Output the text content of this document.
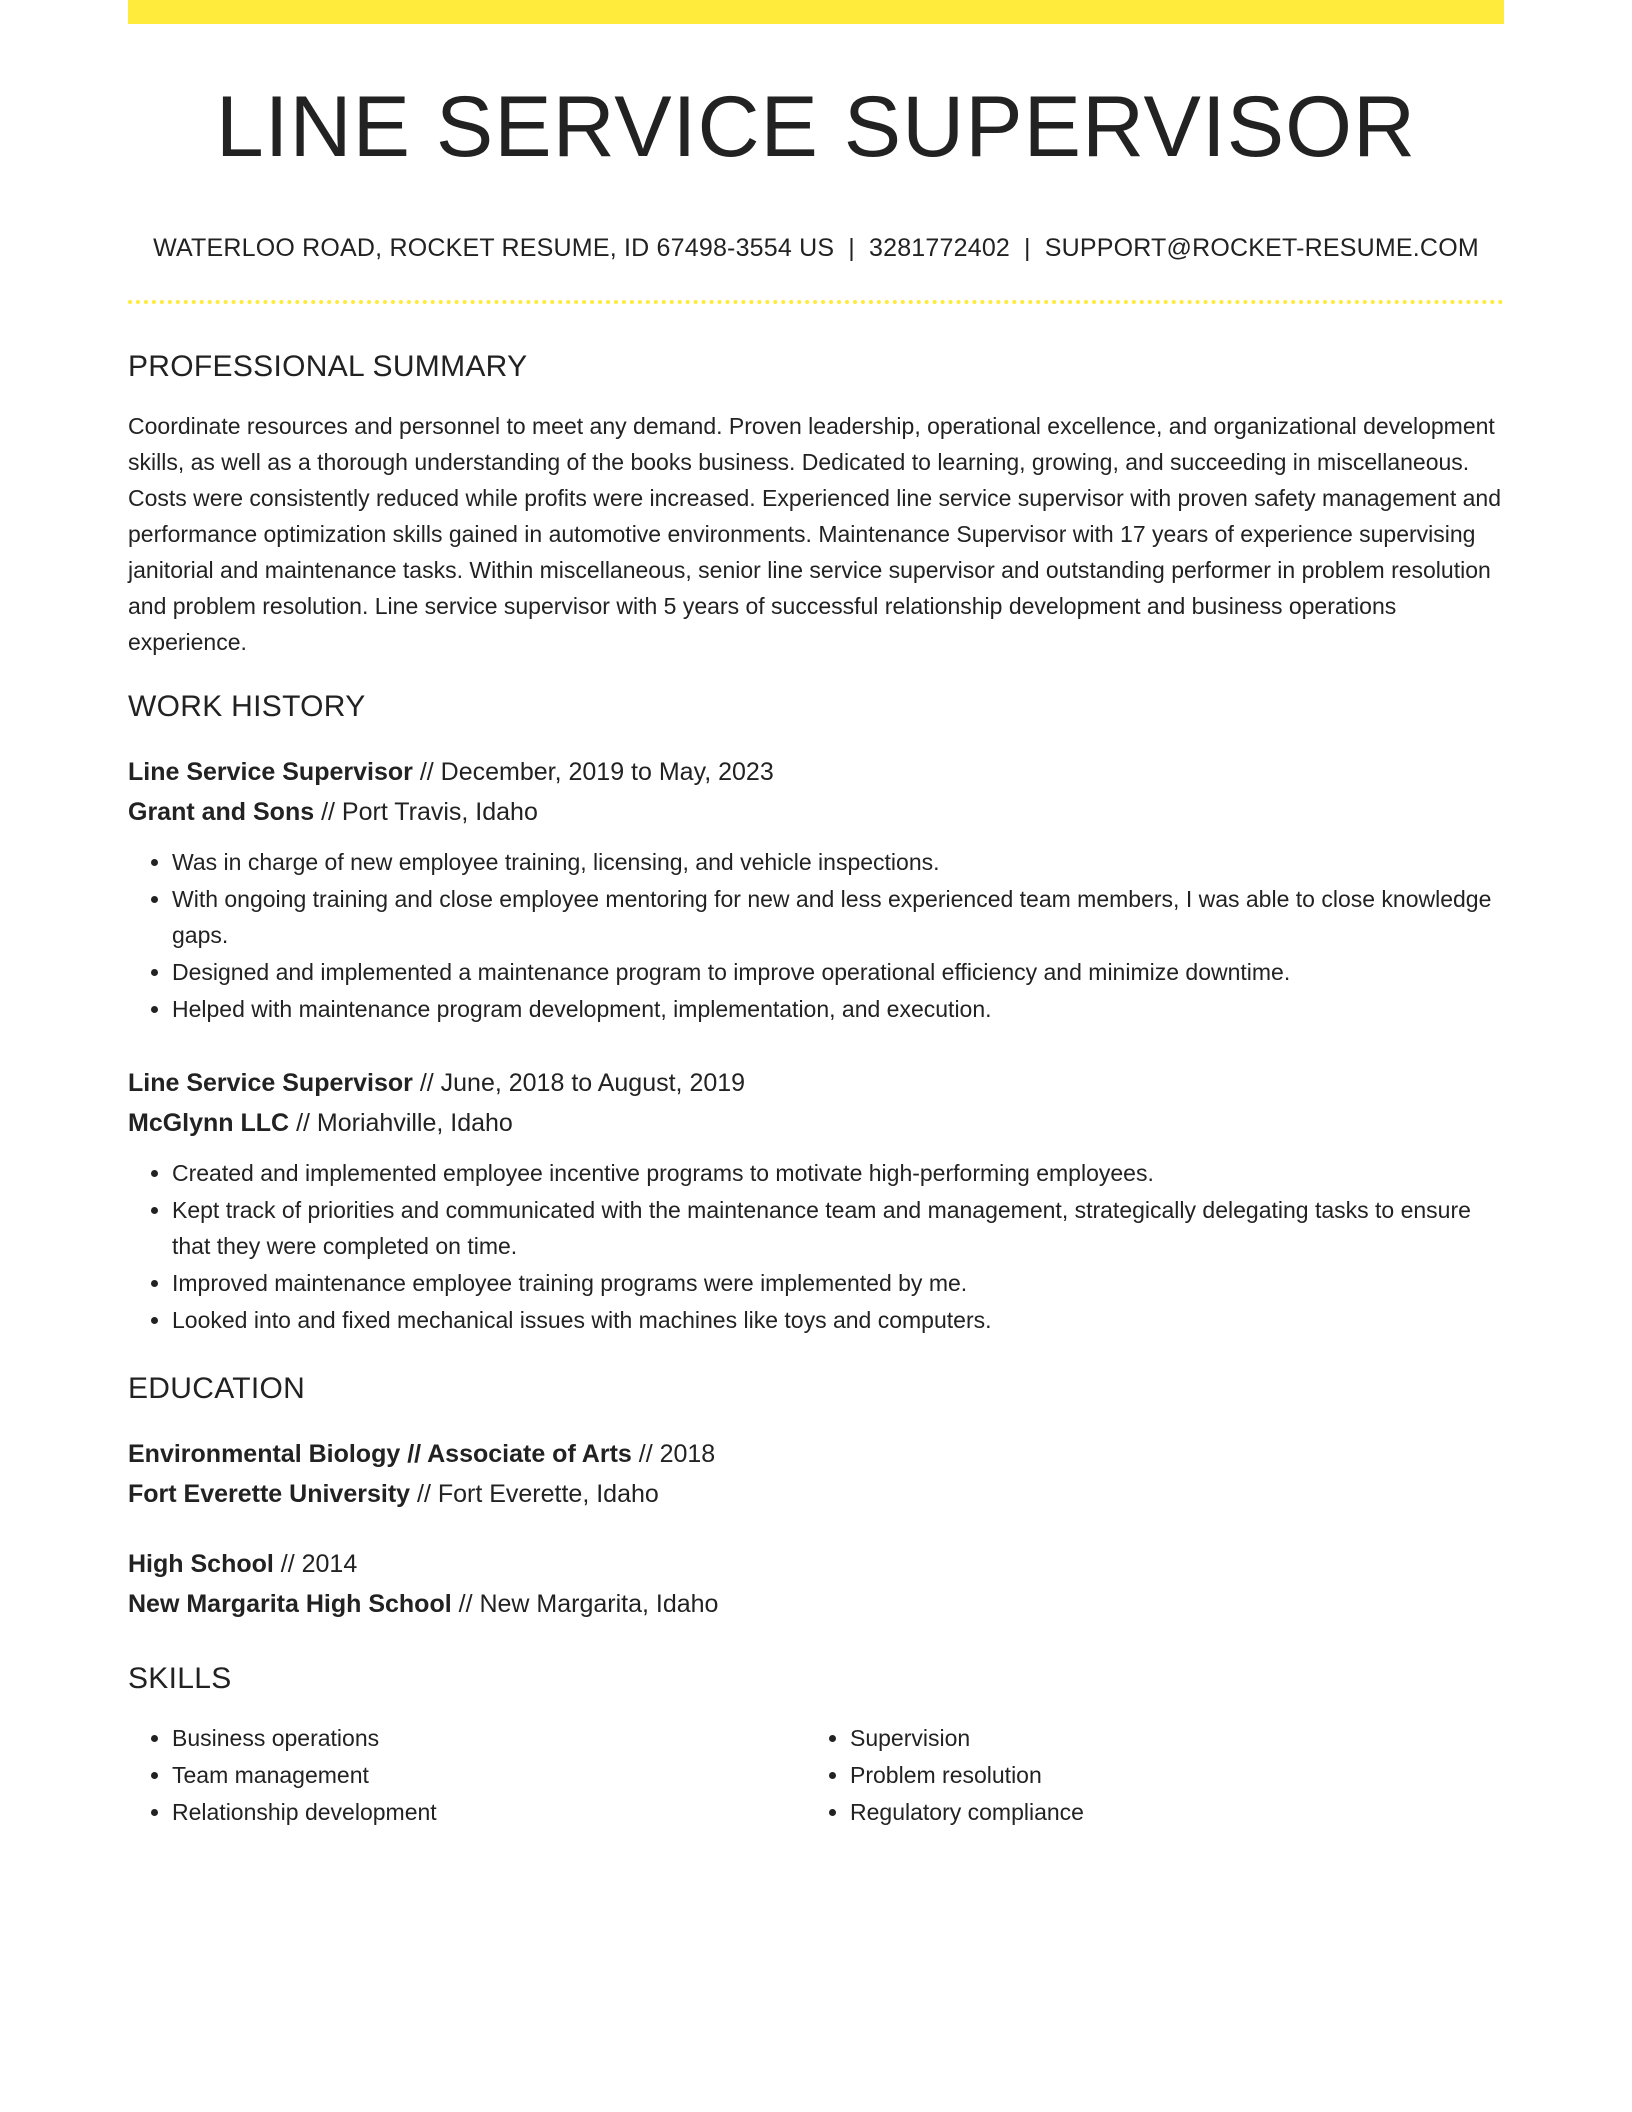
LINE SERVICE SUPERVISOR
WATERLOO ROAD, ROCKET RESUME, ID 67498-3554 US | 3281772402 | SUPPORT@ROCKET-RESUME.COM
PROFESSIONAL SUMMARY
Coordinate resources and personnel to meet any demand. Proven leadership, operational excellence, and organizational development skills, as well as a thorough understanding of the books business. Dedicated to learning, growing, and succeeding in miscellaneous. Costs were consistently reduced while profits were increased. Experienced line service supervisor with proven safety management and performance optimization skills gained in automotive environments. Maintenance Supervisor with 17 years of experience supervising janitorial and maintenance tasks. Within miscellaneous, senior line service supervisor and outstanding performer in problem resolution and problem resolution. Line service supervisor with 5 years of successful relationship development and business operations experience.
WORK HISTORY
Line Service Supervisor // December, 2019 to May, 2023
Grant and Sons // Port Travis, Idaho
• Was in charge of new employee training, licensing, and vehicle inspections.
• With ongoing training and close employee mentoring for new and less experienced team members, I was able to close knowledge gaps.
• Designed and implemented a maintenance program to improve operational efficiency and minimize downtime.
• Helped with maintenance program development, implementation, and execution.
Line Service Supervisor // June, 2018 to August, 2019
McGlynn LLC // Moriahville, Idaho
• Created and implemented employee incentive programs to motivate high-performing employees.
• Kept track of priorities and communicated with the maintenance team and management, strategically delegating tasks to ensure that they were completed on time.
• Improved maintenance employee training programs were implemented by me.
• Looked into and fixed mechanical issues with machines like toys and computers.
EDUCATION
Environmental Biology // Associate of Arts // 2018
Fort Everette University // Fort Everette, Idaho
High School // 2014
New Margarita High School // New Margarita, Idaho
SKILLS
• Business operations
• Team management
• Relationship development
• Supervision
• Problem resolution
• Regulatory compliance
